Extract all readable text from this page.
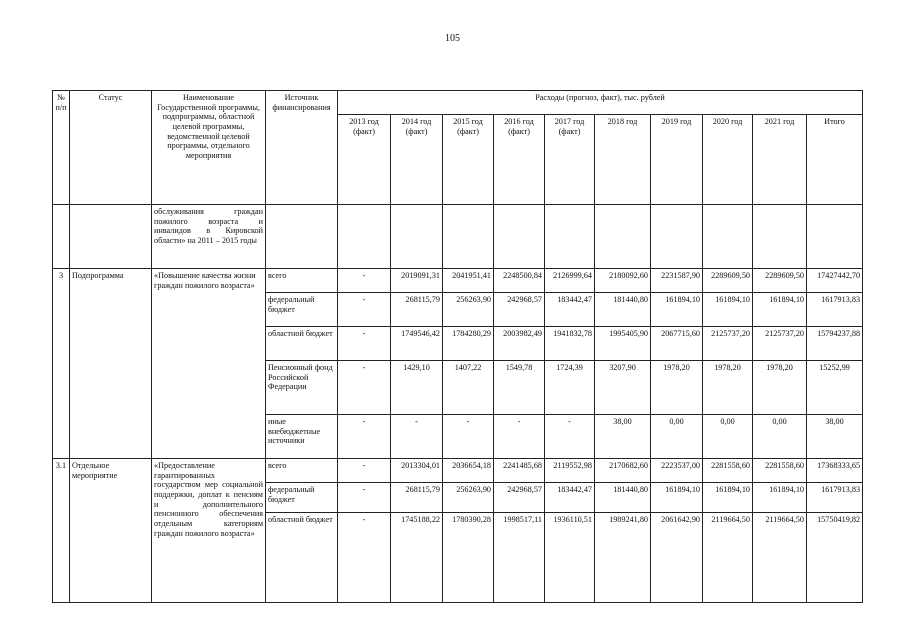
105
№ п/п	Статус	Наименование Государственной программы, подпрограммы, областной целевой программы, ведомственной целевой программы, отдельного мероприятия	Источник финансирования	Расходы (прогноз, факт), тыс. рублей									
				2013 год (факт)	2014 год (факт)	2015 год (факт)	2016 год (факт)	2017 год (факт)	2018 год	2019 год	2020 год	2021 год	Итого
		обслуживания граждан пожилого возраста и инвалидов в Кировской области» на 2011 – 2015 годы											
3	Подпрограмма	«Повышение качества жизни граждан пожилого возраста»	всего	-	2019091,31	2041951,41	2248500,84	2126999,64	2180092,60	2231587,90	2289609,50	2289609,50	17427442,70
			федеральный бюджет	-	268115,79	256263,90	242968,57	183442,47	181440,80	161894,10	161894,10	161894,10	1617913,83
			областной бюджет	-	1749546,42	1784280,29	2003982,49	1941832,78	1995405,90	2067715,60	2125737,20	2125737,20	15794237,88
			Пенсионный фонд Российской Федерации	-	1429,10	1407,22	1549,78	1724,39	3207,90	1978,20	1978,20	1978,20	15252,99
			иные внебюджетные источники	-	-	-	-	-	38,00	0,00	0,00	0,00	38,00
3.1	Отдельное мероприятие	«Предоставление гарантированных государством мер социальной поддержки, доплат к пенсиям и дополнительного пенсионного обеспечения отдельным категориям граждан пожилого возраста»	всего	-	2013304,01	2036654,18	2241485,68	2119552,98	2170682,60	2223537,00	2281558,60	2281558,60	17368333,65
			федеральный бюджет	-	268115,79	256263,90	242968,57	183442,47	181440,80	161894,10	161894,10	161894,10	1617913,83
			областной бюджет	-	1745188,22	1780390,28	1998517,11	1936110,51	1989241,80	2061642,90	2119664,50	2119664,50	15750419,82
